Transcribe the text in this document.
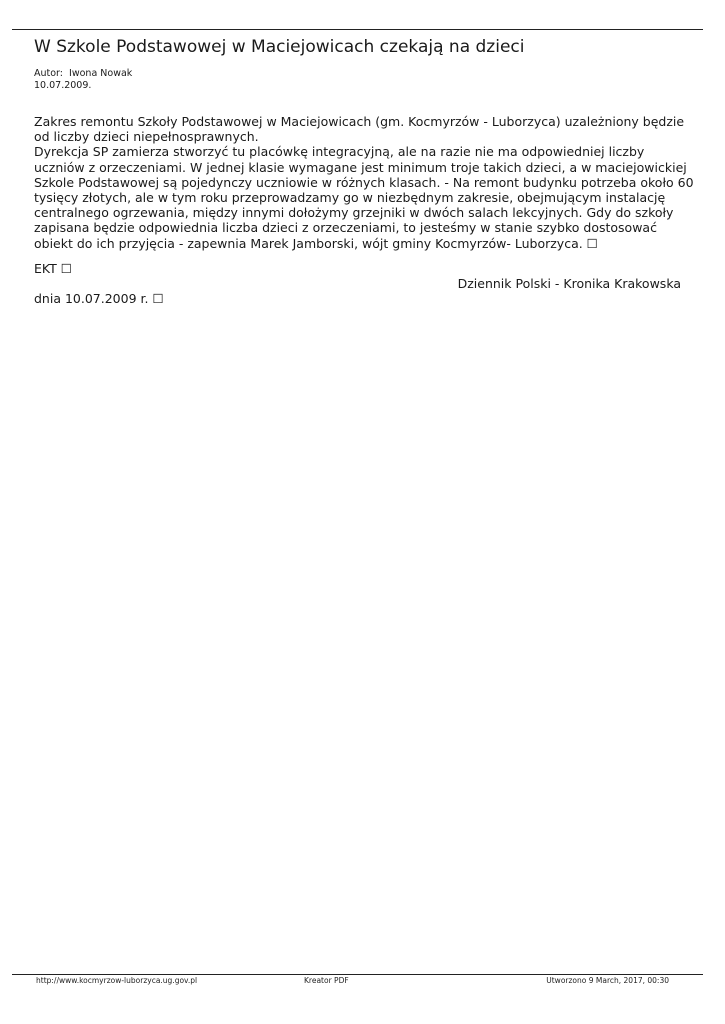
W Szkole Podstawowej w Maciejowicach czekają na dzieci
Autor:  Iwona Nowak
10.07.2009.

Zakres remontu Szkoły Podstawowej w Maciejowicach (gm. Kocmyrzów - Luborzyca) uzależniony będzie od liczby dzieci niepełnosprawnych.

Dyrekcja SP zamierza stworzyć tu placówkę integracyjną, ale na razie nie ma odpowiedniej liczby uczniów z orzeczeniami. W jednej klasie wymagane jest minimum troje takich dzieci, a w maciejowickiej Szkole Podstawowej są pojedynczy uczniowie w różnych klasach. - Na remont budynku potrzeba około 60 tysięcy złotych, ale w tym roku przeprowadzamy go w niezbędnym zakresie, obejmującym instalację centralnego ogrzewania, między innymi dołożymy grzejniki w dwóch salach lekcyjnych. Gdy do szkoły zapisana będzie odpowiednia liczba dzieci z orzeczeniami, to jesteśmy w stanie szybko dostosować obiekt do ich przyjęcia - zapewnia Marek Jamborski, wójt gminy Kocmyrzów- Luborzyca. ☐

EKT ☐
Dziennik Polski - Kronika Krakowska
dnia 10.07.2009 r. ☐
http://www.kocmyrzow-luborzyca.ug.gov.pl	Kreator PDF	Utworzono 9 March, 2017, 00:30
